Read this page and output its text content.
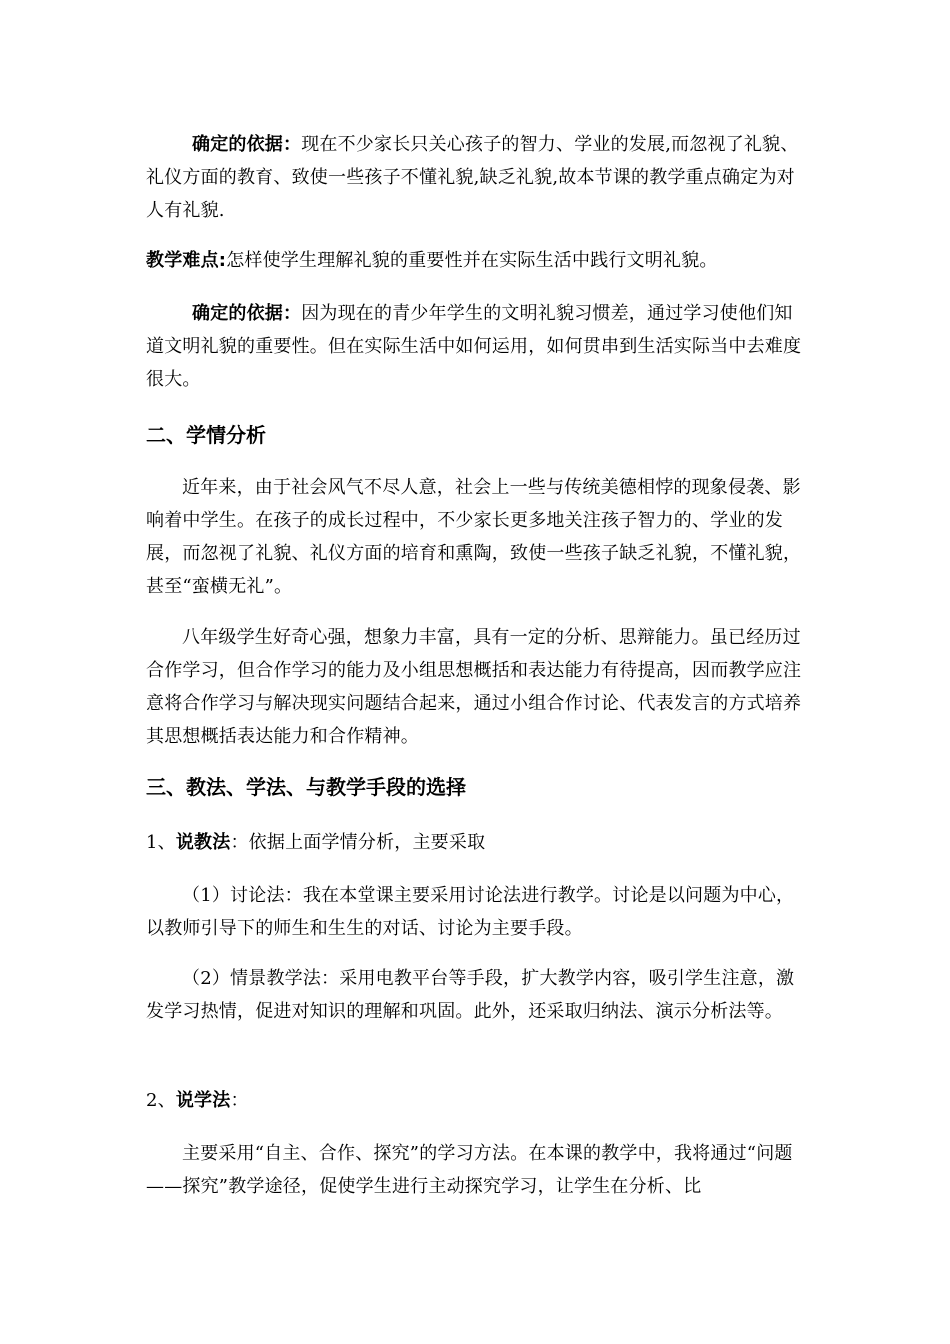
确定的依据：现在不少家长只关心孩子的智力、学业的发展,而忽视了礼貌、礼仪方面的教育、致使一些孩子不懂礼貌,缺乏礼貌,故本节课的教学重点确定为对人有礼貌.

教学难点:怎样使学生理解礼貌的重要性并在实际生活中践行文明礼貌。

确定的依据：因为现在的青少年学生的文明礼貌习惯差，通过学习使他们知道文明礼貌的重要性。但在实际生活中如何运用，如何贯串到生活实际当中去难度很大。

二、学情分析

近年来，由于社会风气不尽人意，社会上一些与传统美德相悖的现象侵袭、影响着中学生。在孩子的成长过程中，不少家长更多地关注孩子智力的、学业的发展，而忽视了礼貌、礼仪方面的培育和熏陶，致使一些孩子缺乏礼貌，不懂礼貌，甚至“蛮横无礼”。

八年级学生好奇心强，想象力丰富，具有一定的分析、思辩能力。虽已经历过合作学习，但合作学习的能力及小组思想概括和表达能力有待提高，因而教学应注意将合作学习与解决现实问题结合起来，通过小组合作讨论、代表发言的方式培养其思想概括表达能力和合作精神。

三、教法、学法、与教学手段的选择

1、说教法：依据上面学情分析，主要采取

（1）讨论法：我在本堂课主要采用讨论法进行教学。讨论是以问题为中心，以教师引导下的师生和生生的对话、讨论为主要手段。

（2）情景教学法：采用电教平台等手段，扩大教学内容，吸引学生注意，激发学习热情，促进对知识的理解和巩固。此外，还采取归纳法、演示分析法等。

2、说学法：

主要采用“自主、合作、探究”的学习方法。在本课的教学中，我将通过“问题——探究”教学途径，促使学生进行主动探究学习，让学生在分析、比
